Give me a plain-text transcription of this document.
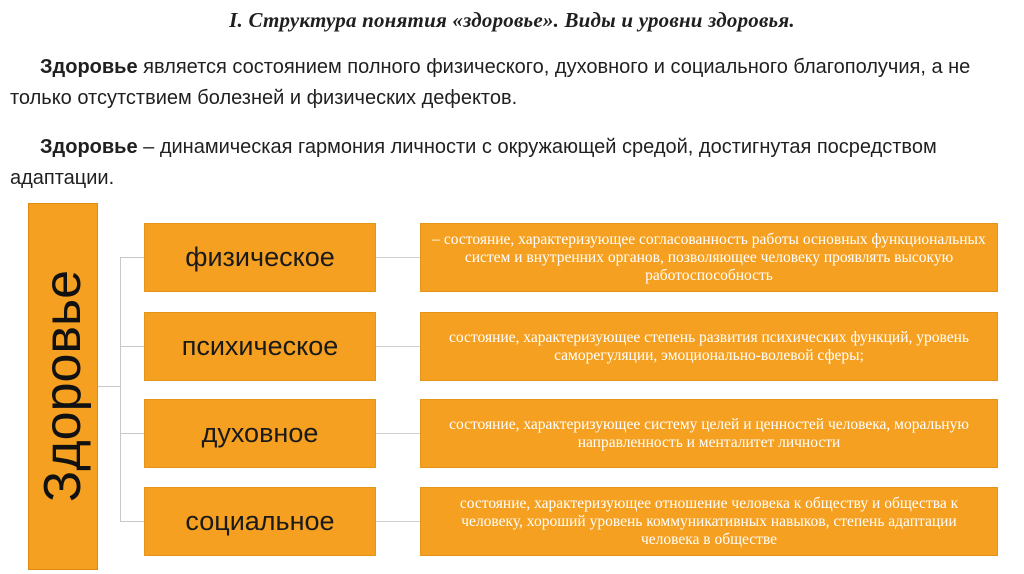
I. Структура понятия «здоровье». Виды и уровни здоровья.
Здоровье является состоянием полного физического, духовного и социального благополучия, а не только отсутствием болезней и физических дефектов.
Здоровье – динамическая гармония личности с окружающей средой, достигнутая посредством адаптации.
Здоровье
физическое
– состояние, характеризующее согласованность работы основных функциональных систем и внутренних органов, позволяющее человеку проявлять высокую работоспособность
психическое	состояние, характеризующее степень развития психических функций, уровень саморегуляции, эмоционально-волевой сферы;
духовное	состояние, характеризующее систему целей и ценностей человека, моральную направленность и менталитет личности
социальное
состояние, характеризующее отношение человека к обществу и общества к человеку, хороший уровень коммуникативных навыков, степень адаптации человека в обществе
